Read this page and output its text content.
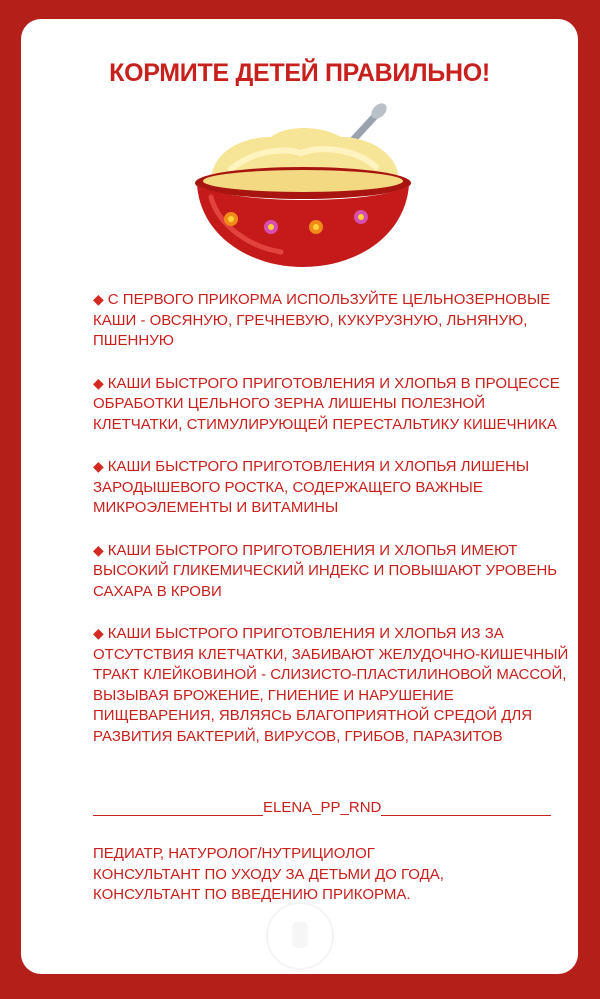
КОРМИТЕ ДЕТЕЙ ПРАВИЛЬНО!
◆ С ПЕРВОГО ПРИКОРМА ИСПОЛЬЗУЙТЕ ЦЕЛЬНОЗЕРНОВЫЕ КАШИ - ОВСЯНУЮ, ГРЕЧНЕВУЮ, КУКУРУЗНУЮ, ЛЬНЯНУЮ, ПШЕННУЮ
◆ КАШИ БЫСТРОГО ПРИГОТОВЛЕНИЯ И ХЛОПЬЯ В ПРОЦЕССЕ ОБРАБОТКИ ЦЕЛЬНОГО ЗЕРНА ЛИШЕНЫ ПОЛЕЗНОЙ КЛЕТЧАТКИ, СТИМУЛИРУЮЩЕЙ ПЕРЕСТАЛЬТИКУ КИШЕЧНИКА
◆ КАШИ БЫСТРОГО ПРИГОТОВЛЕНИЯ И ХЛОПЬЯ ЛИШЕНЫ ЗАРОДЫШЕВОГО РОСТКА, СОДЕРЖАЩЕГО ВАЖНЫЕ МИКРОЭЛЕМЕНТЫ И ВИТАМИНЫ
◆ КАШИ БЫСТРОГО ПРИГОТОВЛЕНИЯ И ХЛОПЬЯ ИМЕЮТ ВЫСОКИЙ ГЛИКЕМИЧЕСКИЙ ИНДЕКС И ПОВЫШАЮТ УРОВЕНЬ САХАРА В КРОВИ
◆ КАШИ БЫСТРОГО ПРИГОТОВЛЕНИЯ И ХЛОПЬЯ ИЗ ЗА ОТСУТСТВИЯ КЛЕТЧАТКИ, ЗАБИВАЮТ ЖЕЛУДОЧНО-КИШЕЧНЫЙ ТРАКТ КЛЕЙКОВИНОЙ - СЛИЗИСТО-ПЛАСТИЛИНОВОЙ МАССОЙ, ВЫЗЫВАЯ БРОЖЕНИЕ, ГНИЕНИЕ И НАРУШЕНИЕ ПИЩЕВАРЕНИЯ, ЯВЛЯЯСЬ БЛАГОПРИЯТНОЙ СРЕДОЙ ДЛЯ РАЗВИТИЯ БАКТЕРИЙ, ВИРУСОВ, ГРИБОВ, ПАРАЗИТОВ
ELENA_PP_RND
ПЕДИАТР, НАТУРОЛОГ/НУТРИЦИОЛОГ
КОНСУЛЬТАНТ ПО УХОДУ ЗА ДЕТЬМИ ДО ГОДА,
КОНСУЛЬТАНТ ПО ВВЕДЕНИЮ ПРИКОРМА.
